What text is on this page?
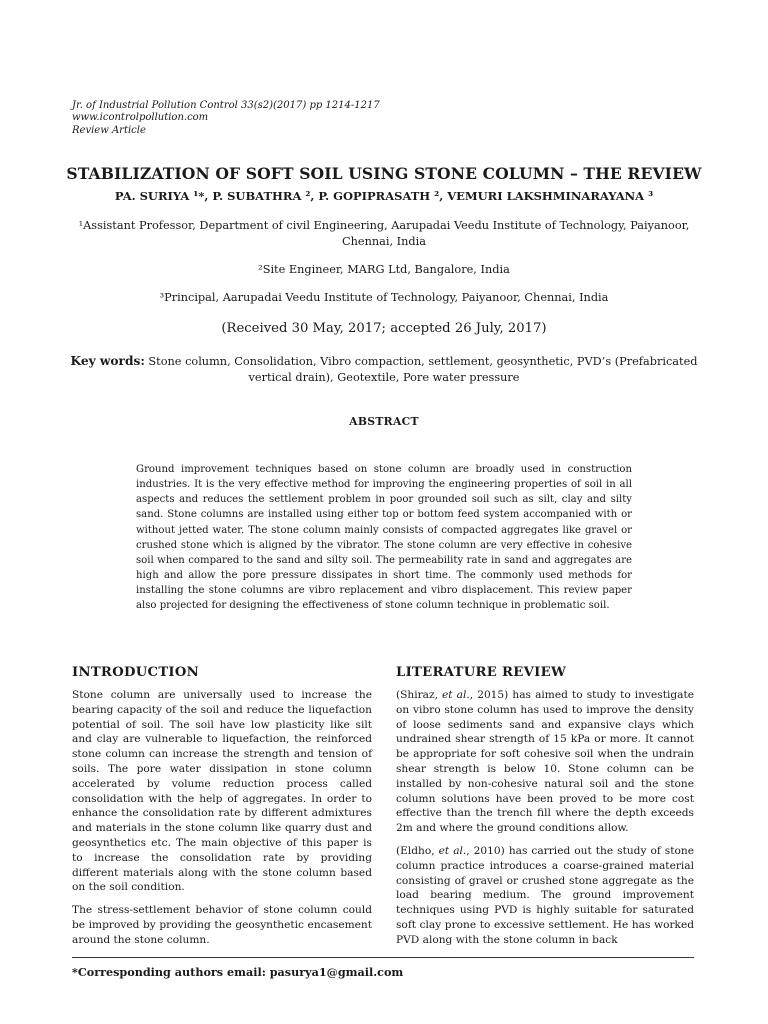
Jr. of Industrial Pollution Control 33(s2)(2017) pp 1214-1217
www.icontrolpollution.com
Review Article
STABILIZATION OF SOFT SOIL USING STONE COLUMN – THE REVIEW
PA. SURIYA ¹*, P. SUBATHRA ², P. GOPIPRASATH ², VEMURI LAKSHMINARAYANA ³
¹Assistant Professor, Department of civil Engineering, Aarupadai Veedu Institute of Technology, Paiyanoor, Chennai, India
²Site Engineer, MARG Ltd, Bangalore, India
³Principal, Aarupadai Veedu Institute of Technology, Paiyanoor, Chennai, India
(Received 30 May, 2017; accepted 26 July, 2017)
Key words: Stone column, Consolidation, Vibro compaction, settlement, geosynthetic, PVD’s (Prefabricated vertical drain), Geotextile, Pore water pressure
ABSTRACT
Ground improvement techniques based on stone column are broadly used in construction industries. It is the very effective method for improving the engineering properties of soil in all aspects and reduces the settlement problem in poor grounded soil such as silt, clay and silty sand. Stone columns are installed using either top or bottom feed system accompanied with or without jetted water. The stone column mainly consists of compacted aggregates like gravel or crushed stone which is aligned by the vibrator. The stone column are very effective in cohesive soil when compared to the sand and silty soil. The permeability rate in sand and aggregates are high and allow the pore pressure dissipates in short time. The commonly used methods for installing the stone columns are vibro replacement and vibro displacement. This review paper also projected for designing the effectiveness of stone column technique in problematic soil.
INTRODUCTION

Stone column are universally used to increase the bearing capacity of the soil and reduce the liquefaction potential of soil. The soil have low plasticity like silt and clay are vulnerable to liquefaction, the reinforced stone column can increase the strength and tension of soils. The pore water dissipation in stone column accelerated by volume reduction process called consolidation with the help of aggregates. In order to enhance the consolidation rate by different admixtures and materials in the stone column like quarry dust and geosynthetics etc. The main objective of this paper is to increase the consolidation rate by providing different materials along with the stone column based on the soil condition.

The stress-settlement behavior of stone column could be improved by providing the geosynthetic encasement around the stone column.

LITERATURE REVIEW

(Shiraz, et al., 2015) has aimed to study to investigate on vibro stone column has used to improve the density of loose sediments sand and expansive clays which undrained shear strength of 15 kPa or more. It cannot be appropriate for soft cohesive soil when the undrain shear strength is below 10. Stone column can be installed by non-cohesive natural soil and the stone column solutions have been proved to be more cost effective than the trench fill where the depth exceeds 2m and where the ground conditions allow.

(Eldho, et al., 2010) has carried out the study of stone column practice introduces a coarse-grained material consisting of gravel or crushed stone aggregate as the load bearing medium. The ground improvement techniques using PVD is highly suitable for saturated soft clay prone to excessive settlement. He has worked PVD along with the stone column in back

*Corresponding authors email: pasurya1@gmail.com
